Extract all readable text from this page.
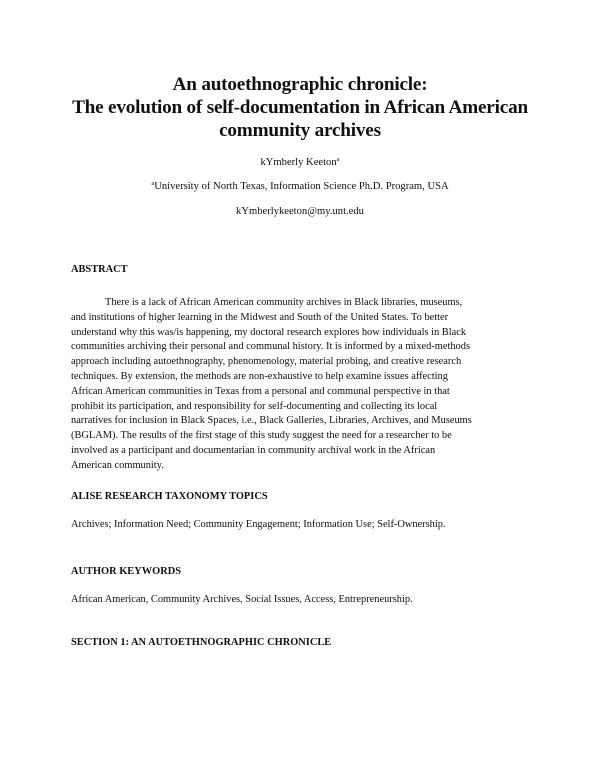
An autoethnographic chronicle:
The evolution of self-documentation in African American
community archives
kYmberly Keeton$^a$
$^a$University of North Texas, Information Science Ph.D. Program, USA
kYmberlykeeton@my.unt.edu
ABSTRACT

There is a lack of African American community archives in Black libraries, museums,
and institutions of higher learning in the Midwest and South of the United States. To better
understand why this was/is happening, my doctoral research explores how individuals in Black
communities archiving their personal and communal history. It is informed by a mixed-methods
approach including autoethnography, phenomenology, material probing, and creative research
techniques. By extension, the methods are non-exhaustive to help examine issues affecting
African American communities in Texas from a personal and communal perspective in that
prohibit its participation, and responsibility for self-documenting and collecting its local
narratives for inclusion in Black Spaces, i.e., Black Galleries, Libraries, Archives, and Museums
(BGLAM). The results of the first stage of this study suggest the need for a researcher to be
involved as a participant and documentarian in community archival work in the African
American community.

ALISE RESEARCH TAXONOMY TOPICS

Archives; Information Need; Community Engagement; Information Use; Self-Ownership.

AUTHOR KEYWORDS

African American, Community Archives, Social Issues, Access, Entrepreneurship.

SECTION 1: AN AUTOETHNOGRAPHIC CHRONICLE
